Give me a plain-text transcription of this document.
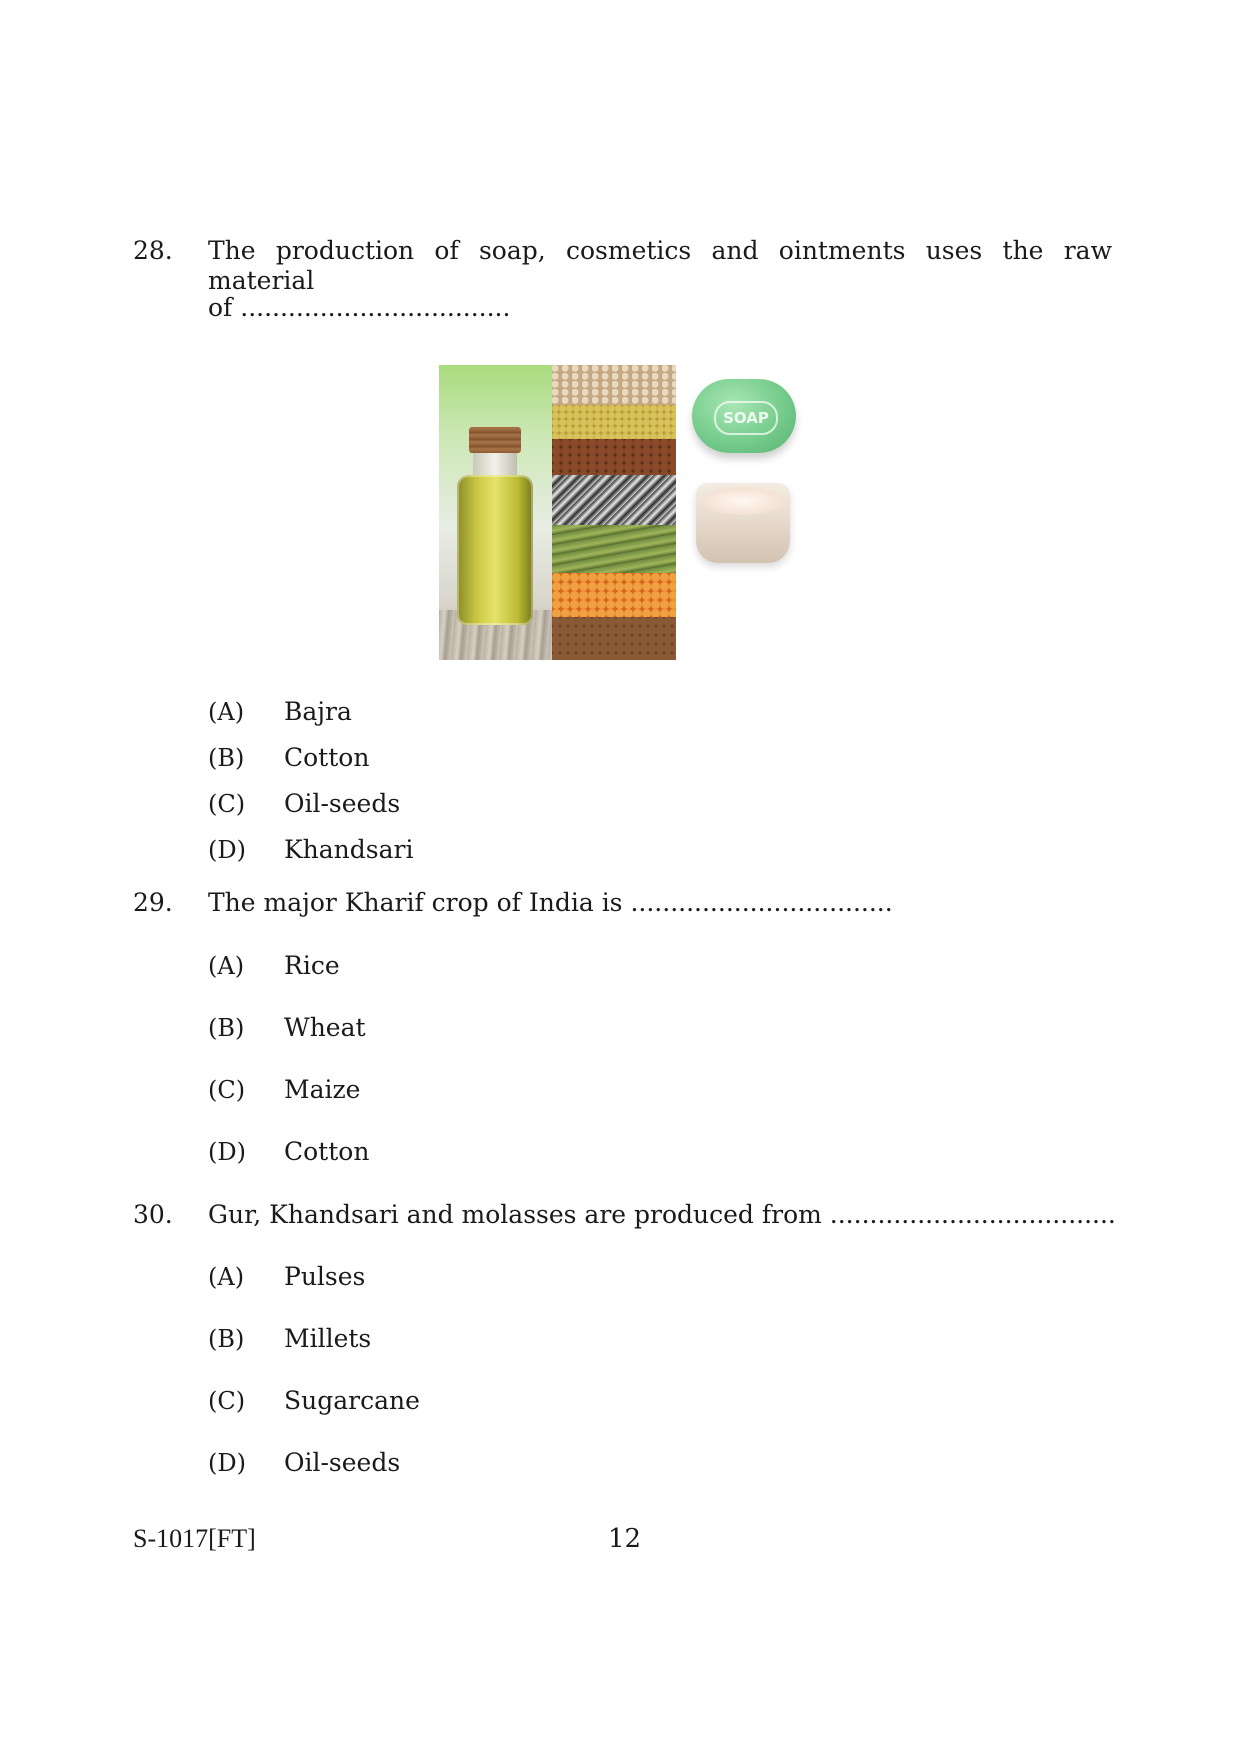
28. The production of soap, cosmetics and ointments uses the raw material
of ..................................
SOAP
(A) Bajra
(B) Cotton
(C) Oil-seeds
(D) Khandsari
29. The major Kharif crop of India is .................................
(A) Rice
(B) Wheat
(C) Maize
(D) Cotton
30. Gur, Khandsari and molasses are produced from ....................................
(A) Pulses
(B) Millets
(C) Sugarcane
(D) Oil-seeds
S-1017[FT]	12
